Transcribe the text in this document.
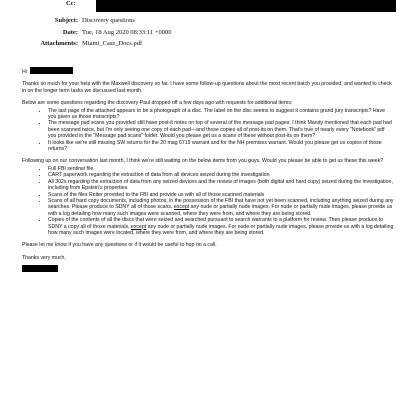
Cc:
Subject: Discovery questions
Date: Tue, 18 Aug 2020 08:33:11 +0000
Attachments: Miami_Case_Docs.pdf
Hi
Thanks so much for your help with the Maxwell discovery so far. I have some follow-up questions about the most recent batch you provided, and wanted to check in on the longer term tasks we discussed last month.
Below are some questions regarding the discovery Paul dropped off a few days ago with requests for additional items:
• The last page of the attached appears to be a photograph of a disc. The label on the disc seems to suggest it contains grand jury transcripts? Have you given us those transcripts?
• The message pad scans you provided still have post-it notes on top of several of the message pad pages. I think Mandy mentioned that each pad had been scanned twice, but I'm only seeing one copy of each pad—and those copies all of post-its on them. That's true of nearly every "Notebook" pdf you provided in the "Message pad scans" folder. Would you please get us a scans of these without post-its on them?
• It looks like we're still missing SW returns for the 20 mag 6719 warrant and for the NH premises warrant. Would you please get us copies of those returns?
Following up on our conversation last month, I think we're still waiting on the below items from you guys. Would you please be able to get us these this week?
• Full FBI sentinel file
• CART paperwork regarding the extraction of data from all devices seized during the investigation
• All 302s regarding the extraction of data from any seized devices and the review of images (both digital and hard copy) seized during the investigation, including from Epstein's properties.
• Scans of the files Reiter provided to the FBI and provide us with all of those scanned materials
• Scans of all hard copy documents, including photos, in the possession of the FBI that have not yet been scanned, including anything seized during any searches. Please produce to SDNY all of those scans, except any nude or partially nude images. For nude or partially nude images, please provide us with a log detailing how many such images were scanned, where they were from, and where they are being stored.
• Copies of the contents of all the discs that were seized and searched pursuant to search warrants to a platform for review. Then please produce to SDNY a copy all of those materials, except any nude or partially nude images. For nude or partially nude images, please provide us with a log detailing how many such images were located, where they were from, and where they are being stored.
Please let me know if you have any questions or if it would be useful to hop on a call.
Thanks very much,
